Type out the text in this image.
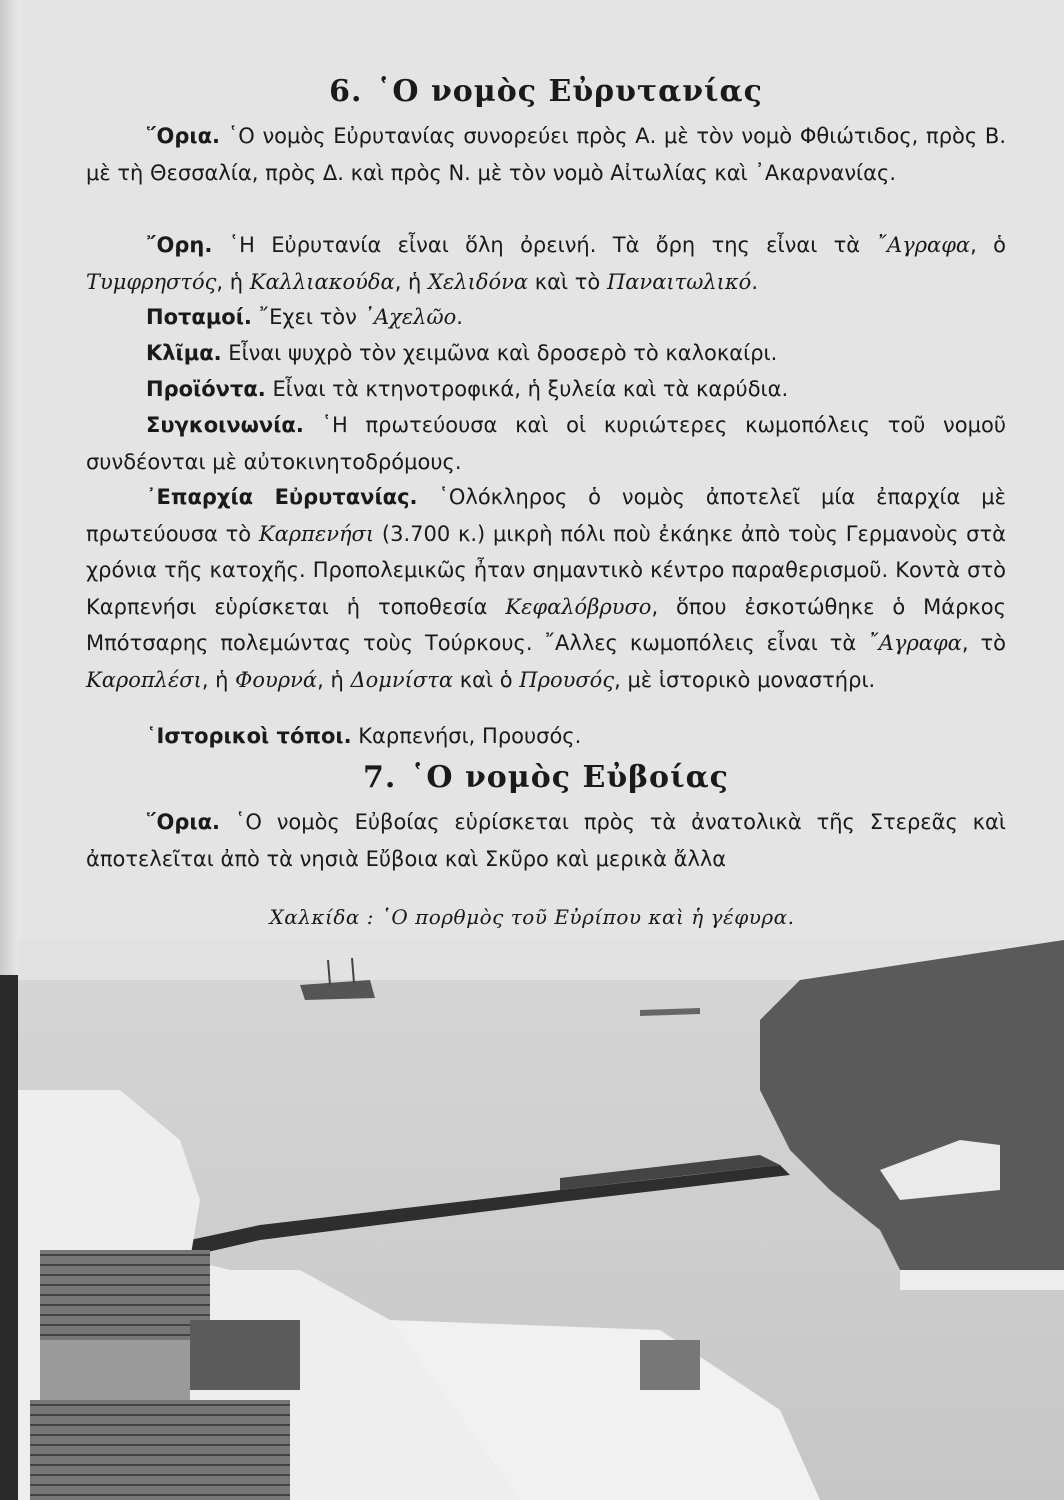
6. ῾Ο νομὸς Εὐρυτανίας

῞Ορια. ῾Ο νομὸς Εὐρυτανίας συνορεύει πρὸς Α. μὲ τὸν νομὸ Φθιώτιδος, πρὸς Β. μὲ τὴ Θεσσαλία, πρὸς Δ. καὶ πρὸς Ν. μὲ τὸν νομὸ Αἰτωλίας καὶ ᾿Ακαρνανίας.

῎Ορη. ῾Η Εὐρυτανία εἶναι ὅλη ὀρεινή. Τὰ ὄρη της εἶναι τὰ ῎Αγραφα, ὁ Τυμφρηστός, ἡ Καλλιακούδα, ἡ Χελιδόνα καὶ τὸ Παναιτωλικό.

Ποταμοί. ῎Εχει τὸν ᾿Αχελῶο.

Κλῖμα. Εἶναι ψυχρὸ τὸν χειμῶνα καὶ δροσερὸ τὸ καλοκαίρι.

Προϊόντα. Εἶναι τὰ κτηνοτροφικά, ἡ ξυλεία καὶ τὰ καρύδια.

Συγκοινωνία. ῾Η πρωτεύουσα καὶ οἱ κυριώτερες κωμοπόλεις τοῦ νομοῦ συνδέονται μὲ αὐτοκινητοδρόμους.

᾿Επαρχία Εὐρυτανίας. ῾Ολόκληρος ὁ νομὸς ἀποτελεῖ μία ἐπαρχία μὲ πρωτεύουσα τὸ Καρπενήσι (3.700 κ.) μικρὴ πόλι ποὺ ἐκάηκε ἀπὸ τοὺς Γερμανοὺς στὰ χρόνια τῆς κατοχῆς. Προπολεμικῶς ἦταν σημαντικὸ κέντρο παραθερισμοῦ. Κοντὰ στὸ Καρπενήσι εὑρίσκεται ἡ τοποθεσία Κεφαλόβρυσο, ὅπου ἐσκοτώθηκε ὁ Μάρκος Μπότσαρης πολεμώντας τοὺς Τούρκους. ῎Αλλες κωμοπόλεις εἶναι τὰ ῎Αγραφα, τὸ Καροπλέσι, ἡ Φουρνά, ἡ Δομνίστα καὶ ὁ Προυσός, μὲ ἱστορικὸ μοναστήρι.

῾Ιστορικοὶ τόποι. Καρπενήσι, Προυσός.

7. ῾Ο νομὸς Εὐβοίας

῞Ορια. ῾Ο νομὸς Εὐβοίας εὑρίσκεται πρὸς τὰ ἀνατολικὰ τῆς Στερεᾶς καὶ ἀποτελεῖται ἀπὸ τὰ νησιὰ Εὔβοια καὶ Σκῦρο καὶ μερικὰ ἄλλα

Χαλκίδα : ῾Ο πορθμὸς τοῦ Εὐρίπου καὶ ἡ γέφυρα.
